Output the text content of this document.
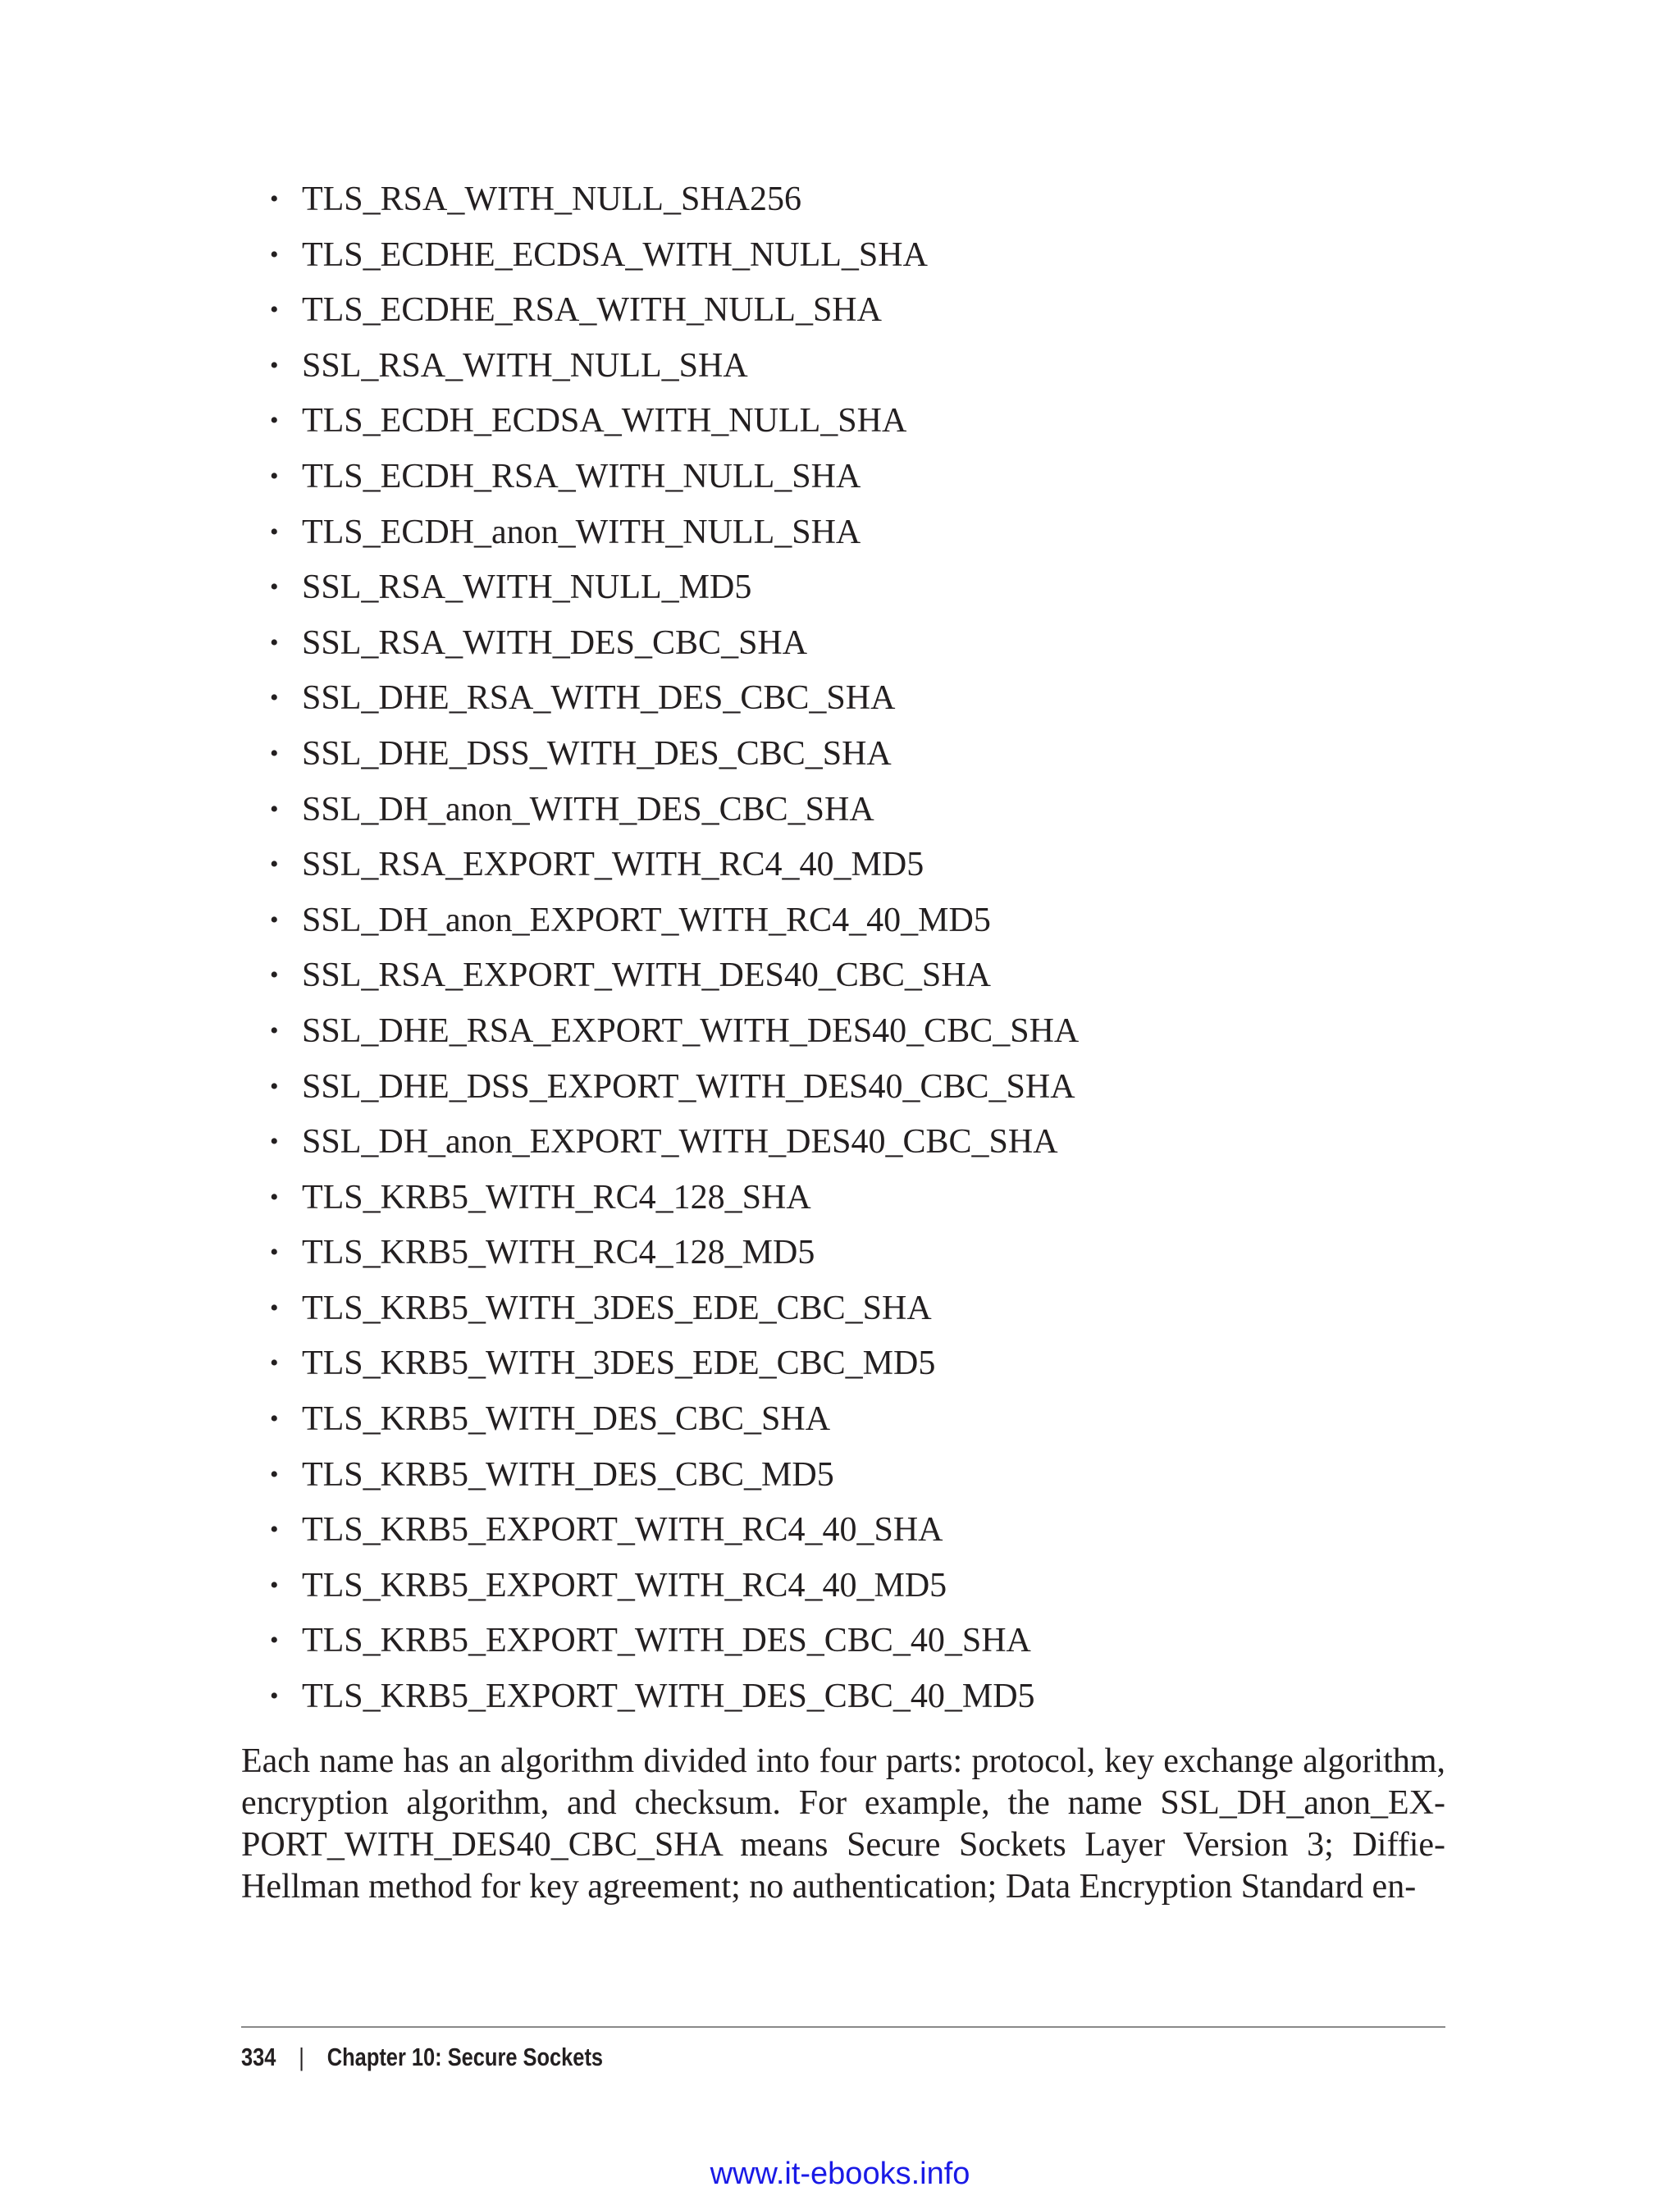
• TLS_RSA_WITH_NULL_SHA256
• TLS_ECDHE_ECDSA_WITH_NULL_SHA
• TLS_ECDHE_RSA_WITH_NULL_SHA
• SSL_RSA_WITH_NULL_SHA
• TLS_ECDH_ECDSA_WITH_NULL_SHA
• TLS_ECDH_RSA_WITH_NULL_SHA
• TLS_ECDH_anon_WITH_NULL_SHA
• SSL_RSA_WITH_NULL_MD5
• SSL_RSA_WITH_DES_CBC_SHA
• SSL_DHE_RSA_WITH_DES_CBC_SHA
• SSL_DHE_DSS_WITH_DES_CBC_SHA
• SSL_DH_anon_WITH_DES_CBC_SHA
• SSL_RSA_EXPORT_WITH_RC4_40_MD5
• SSL_DH_anon_EXPORT_WITH_RC4_40_MD5
• SSL_RSA_EXPORT_WITH_DES40_CBC_SHA
• SSL_DHE_RSA_EXPORT_WITH_DES40_CBC_SHA
• SSL_DHE_DSS_EXPORT_WITH_DES40_CBC_SHA
• SSL_DH_anon_EXPORT_WITH_DES40_CBC_SHA
• TLS_KRB5_WITH_RC4_128_SHA
• TLS_KRB5_WITH_RC4_128_MD5
• TLS_KRB5_WITH_3DES_EDE_CBC_SHA
• TLS_KRB5_WITH_3DES_EDE_CBC_MD5
• TLS_KRB5_WITH_DES_CBC_SHA
• TLS_KRB5_WITH_DES_CBC_MD5
• TLS_KRB5_EXPORT_WITH_RC4_40_SHA
• TLS_KRB5_EXPORT_WITH_RC4_40_MD5
• TLS_KRB5_EXPORT_WITH_DES_CBC_40_SHA
• TLS_KRB5_EXPORT_WITH_DES_CBC_40_MD5

Each name has an algorithm divided into four parts: protocol, key exchange algorithm, encryption algorithm, and checksum. For example, the name SSL_DH_anon_EX-PORT_WITH_DES40_CBC_SHA means Secure Sockets Layer Version 3; Diffie-Hellman method for key agreement; no authentication; Data Encryption Standard en-

334 | Chapter 10: Secure Sockets
www.it-ebooks.info
